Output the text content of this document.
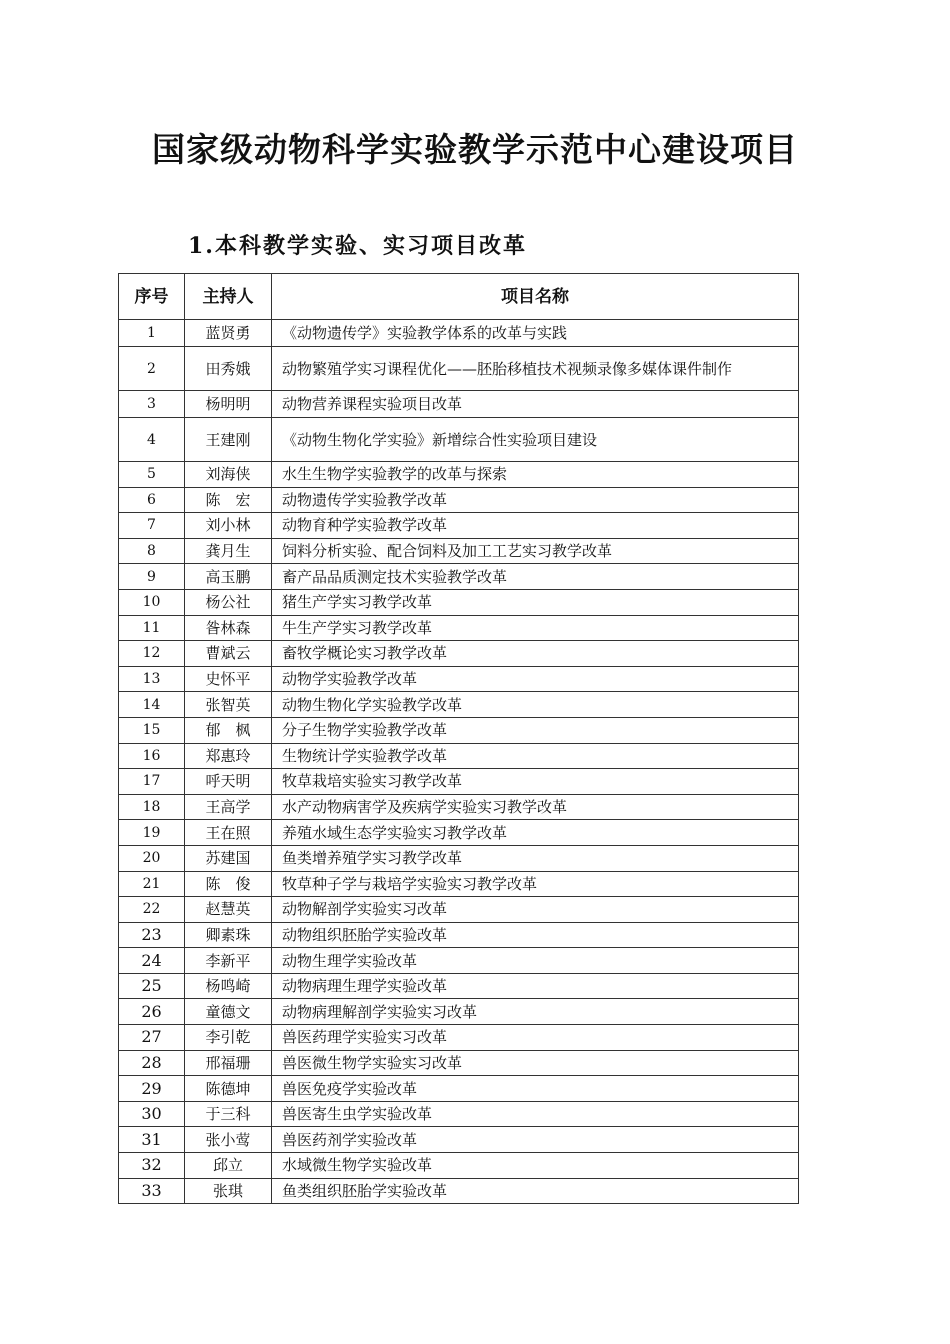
国家级动物科学实验教学示范中心建设项目
1.本科教学实验、实习项目改革
序号	主持人	项目名称
1	蓝贤勇	《动物遗传学》实验教学体系的改革与实践
2	田秀娥	动物繁殖学实习课程优化——胚胎移植技术视频录像多媒体课件制作
3	杨明明	动物营养课程实验项目改革
4	王建刚	《动物生物化学实验》新增综合性实验项目建设
5	刘海侠	水生生物学实验教学的改革与探索
6	陈　宏	动物遗传学实验教学改革
7	刘小林	动物育种学实验教学改革
8	龚月生	饲料分析实验、配合饲料及加工工艺实习教学改革
9	高玉鹏	畜产品品质测定技术实验教学改革
10	杨公社	猪生产学实习教学改革
11	昝林森	牛生产学实习教学改革
12	曹斌云	畜牧学概论实习教学改革
13	史怀平	动物学实验教学改革
14	张智英	动物生物化学实验教学改革
15	郁　枫	分子生物学实验教学改革
16	郑惠玲	生物统计学实验教学改革
17	呼天明	牧草栽培实验实习教学改革
18	王高学	水产动物病害学及疾病学实验实习教学改革
19	王在照	养殖水域生态学实验实习教学改革
20	苏建国	鱼类增养殖学实习教学改革
21	陈　俊	牧草种子学与栽培学实验实习教学改革
22	赵慧英	动物解剖学实验实习改革
23	卿素珠	动物组织胚胎学实验改革
24	李新平	动物生理学实验改革
25	杨鸣崎	动物病理生理学实验改革
26	童德文	动物病理解剖学实验实习改革
27	李引乾	兽医药理学实验实习改革
28	邢福珊	兽医微生物学实验实习改革
29	陈德坤	兽医免疫学实验改革
30	于三科	兽医寄生虫学实验改革
31	张小莺	兽医药剂学实验改革
32	邱立	水域微生物学实验改革
33	张琪	鱼类组织胚胎学实验改革
